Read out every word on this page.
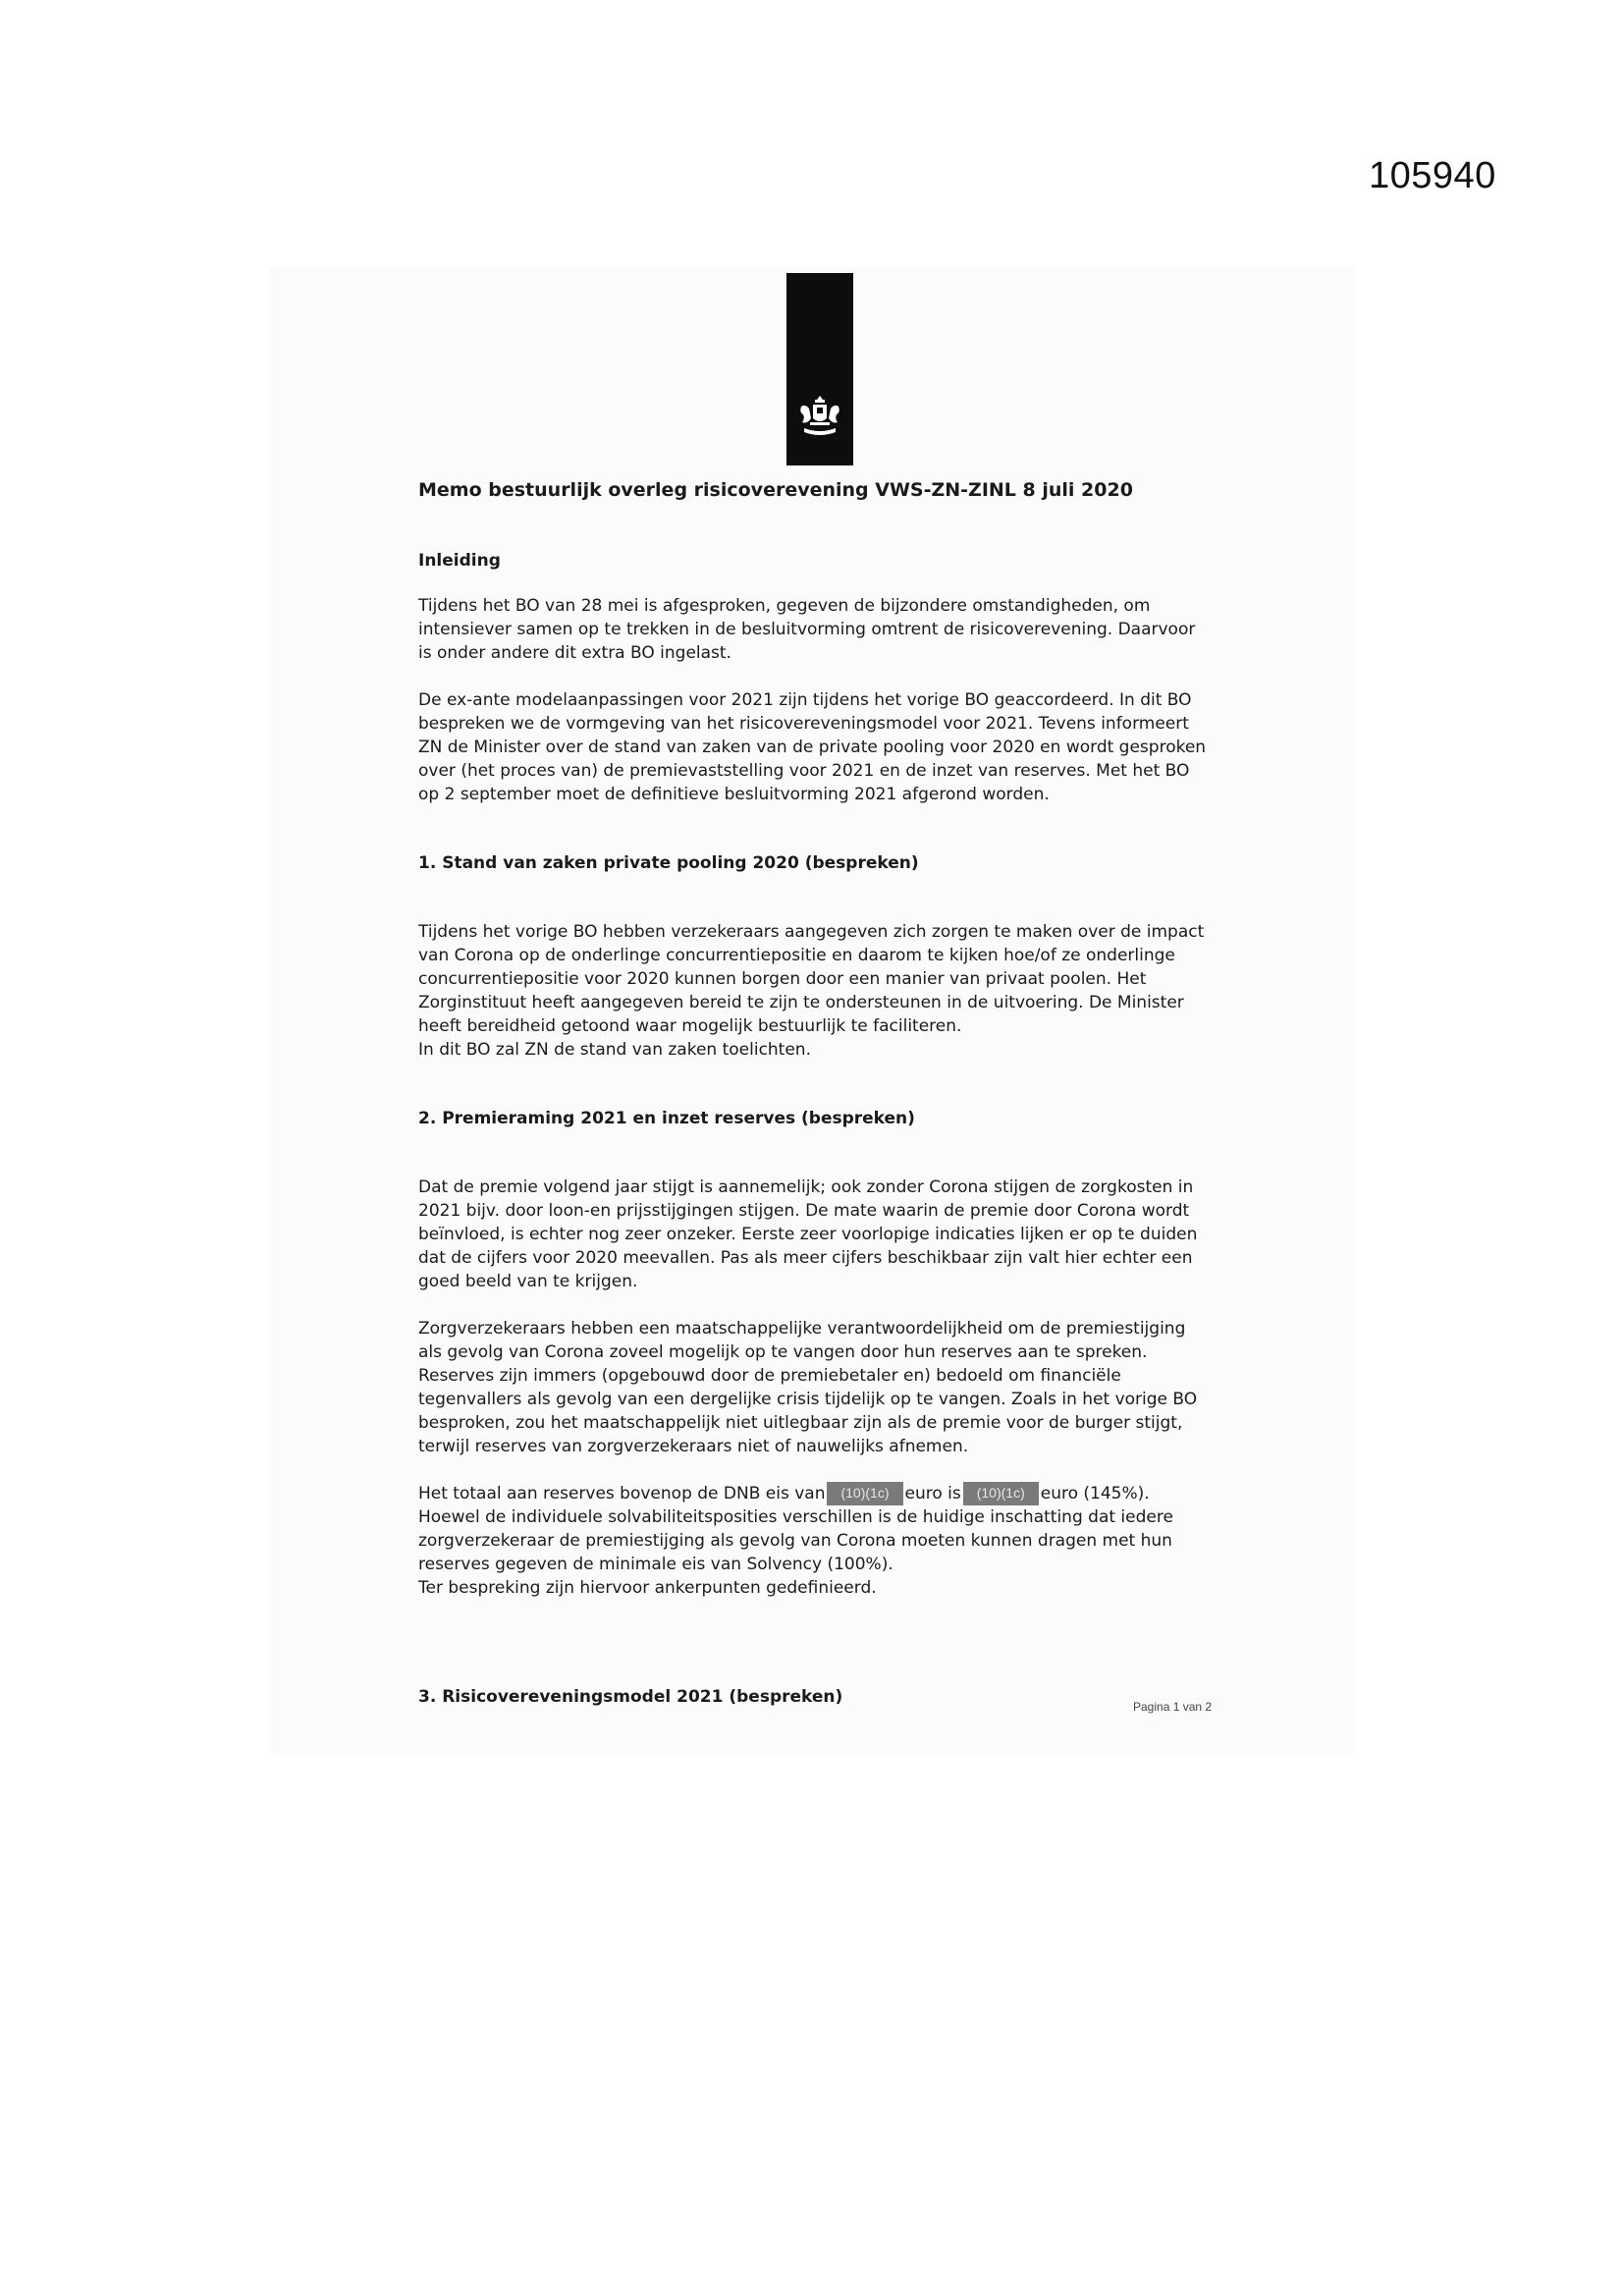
105940
Memo bestuurlijk overleg risicoverevening VWS-ZN-ZINL 8 juli 2020
Inleiding

Tijdens het BO van 28 mei is afgesproken, gegeven de bijzondere omstandigheden, om intensiever samen op te trekken in de besluitvorming omtrent de risicoverevening. Daarvoor is onder andere dit extra BO ingelast.

De ex-ante modelaanpassingen voor 2021 zijn tijdens het vorige BO geaccordeerd. In dit BO bespreken we de vormgeving van het risicovereveningsmodel voor 2021. Tevens informeert ZN de Minister over de stand van zaken van de private pooling voor 2020 en wordt gesproken over (het proces van) de premievaststelling voor 2021 en de inzet van reserves. Met het BO op 2 september moet de definitieve besluitvorming 2021 afgerond worden.

1. Stand van zaken private pooling 2020 (bespreken)

Tijdens het vorige BO hebben verzekeraars aangegeven zich zorgen te maken over de impact van Corona op de onderlinge concurrentiepositie en daarom te kijken hoe/of ze onderlinge concurrentiepositie voor 2020 kunnen borgen door een manier van privaat poolen. Het Zorginstituut heeft aangegeven bereid te zijn te ondersteunen in de uitvoering. De Minister heeft bereidheid getoond waar mogelijk bestuurlijk te faciliteren.

In dit BO zal ZN de stand van zaken toelichten.

2. Premieraming 2021 en inzet reserves (bespreken)

Dat de premie volgend jaar stijgt is aannemelijk; ook zonder Corona stijgen de zorgkosten in 2021 bijv. door loon-en prijsstijgingen stijgen. De mate waarin de premie door Corona wordt beïnvloed, is echter nog zeer onzeker. Eerste zeer voorlopige indicaties lijken er op te duiden dat de cijfers voor 2020 meevallen. Pas als meer cijfers beschikbaar zijn valt hier echter een goed beeld van te krijgen.

Zorgverzekeraars hebben een maatschappelijke verantwoordelijkheid om de premiestijging als gevolg van Corona zoveel mogelijk op te vangen door hun reserves aan te spreken. Reserves zijn immers (opgebouwd door de premiebetaler en) bedoeld om financiële tegenvallers als gevolg van een dergelijke crisis tijdelijk op te vangen. Zoals in het vorige BO besproken, zou het maatschappelijk niet uitlegbaar zijn als de premie voor de burger stijgt, terwijl reserves van zorgverzekeraars niet of nauwelijks afnemen.

Het totaal aan reserves bovenop de DNB eis van (10)(1c) euro is (10)(1c) euro (145%). Hoewel de individuele solvabiliteitsposities verschillen is de huidige inschatting dat iedere zorgverzekeraar de premiestijging als gevolg van Corona moeten kunnen dragen met hun reserves gegeven de minimale eis van Solvency (100%).

Ter bespreking zijn hiervoor ankerpunten gedefinieerd.

3. Risicovereveningsmodel 2021 (bespreken)	Pagina 1 van 2
